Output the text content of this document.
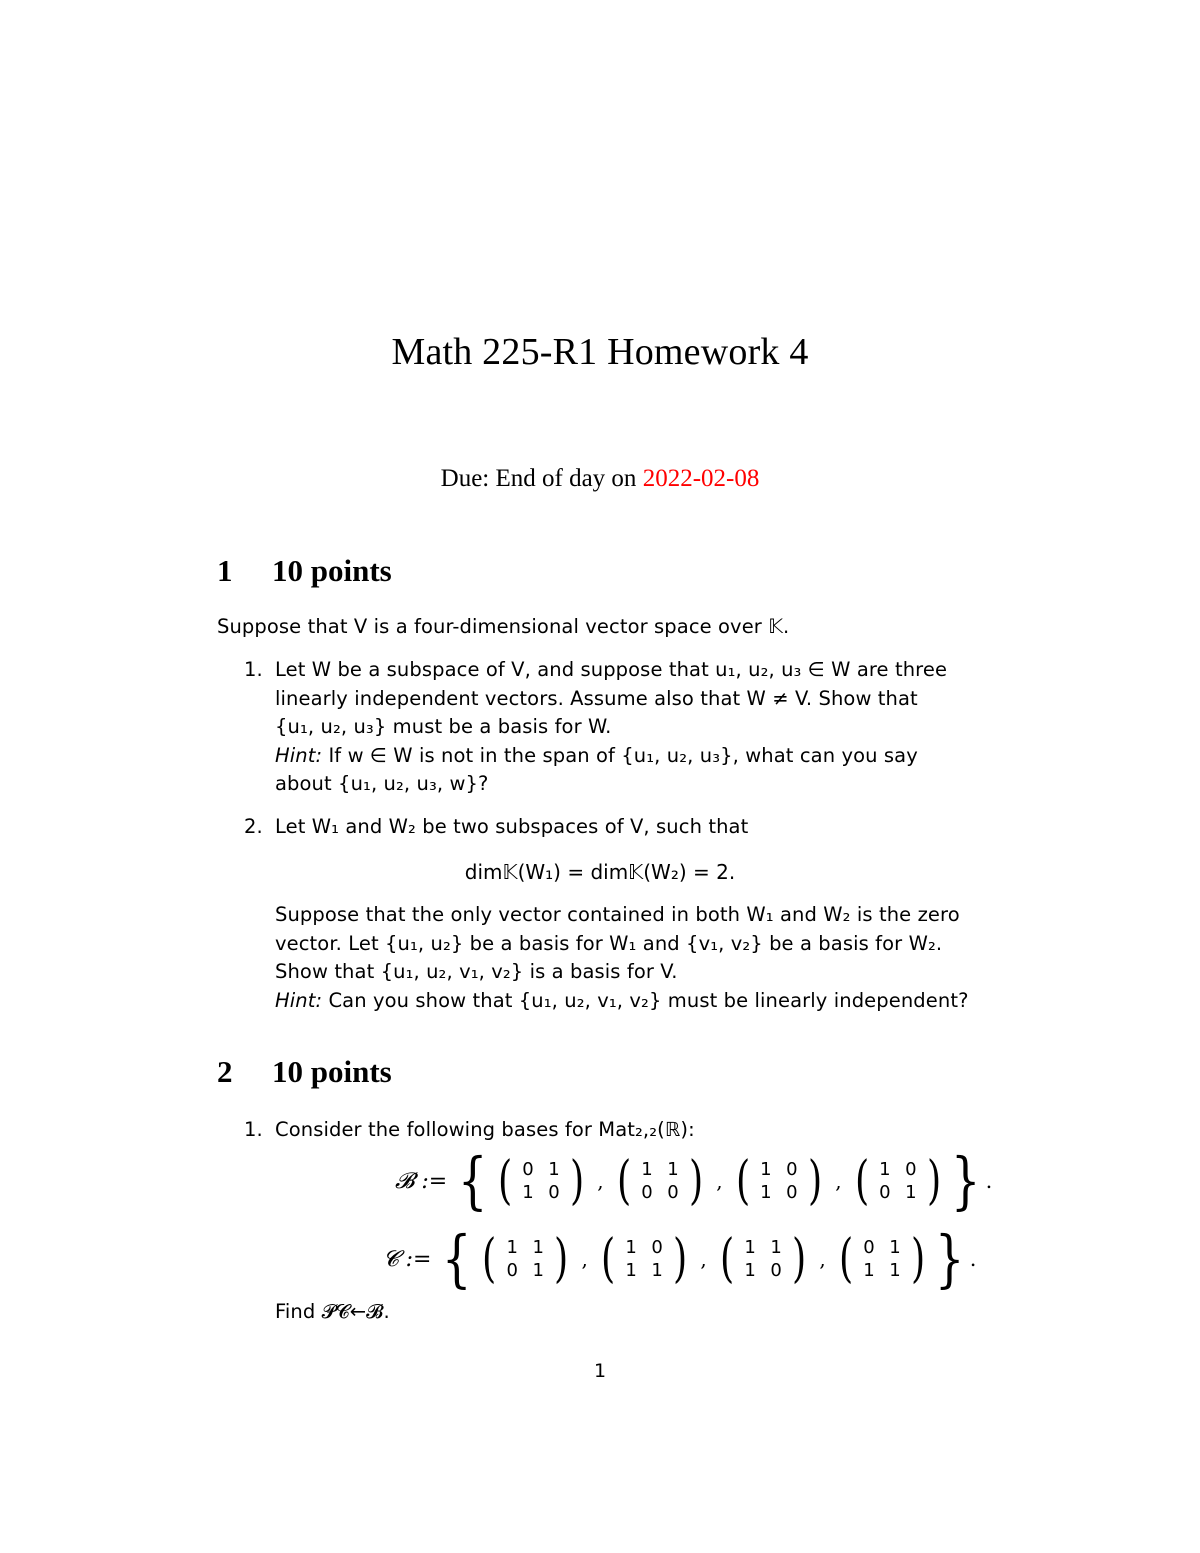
Math 225-R1 Homework 4
Due: End of day on 2022-02-08
1 10 points
Suppose that V is a four-dimensional vector space over 𝕂.
1. Let W be a subspace of V, and suppose that u₁, u₂, u₃ ∈ W are three
linearly independent vectors. Assume also that W ≠ V. Show that
{u₁, u₂, u₃} must be a basis for W.
Hint: If w ∈ W is not in the span of {u₁, u₂, u₃}, what can you say
about {u₁, u₂, u₃, w}?
2. Let W₁ and W₂ be two subspaces of V, such that
dim𝕂(W₁) = dim𝕂(W₂) = 2.
Suppose that the only vector contained in both W₁ and W₂ is the zero
vector. Let {u₁, u₂} be a basis for W₁ and {v₁, v₂} be a basis for W₂.
Show that {u₁, u₂, v₁, v₂} is a basis for V.
Hint: Can you show that {u₁, u₂, v₁, v₂} must be linearly independent?
2 10 points
1. Consider the following bases for Mat₂,₂(ℝ):
𝓑 := { ( 0 1
1 0 ) , ( 1 1
0 0 ) , ( 1 0
1 0 ) , ( 1 0
0 1 ) } .
𝓒 := { ( 1 1
0 1 ) , ( 1 0
1 1 ) , ( 1 1
1 0 ) , ( 0 1
1 1 ) } .
Find 𝓟𝓒←𝓑.
1
